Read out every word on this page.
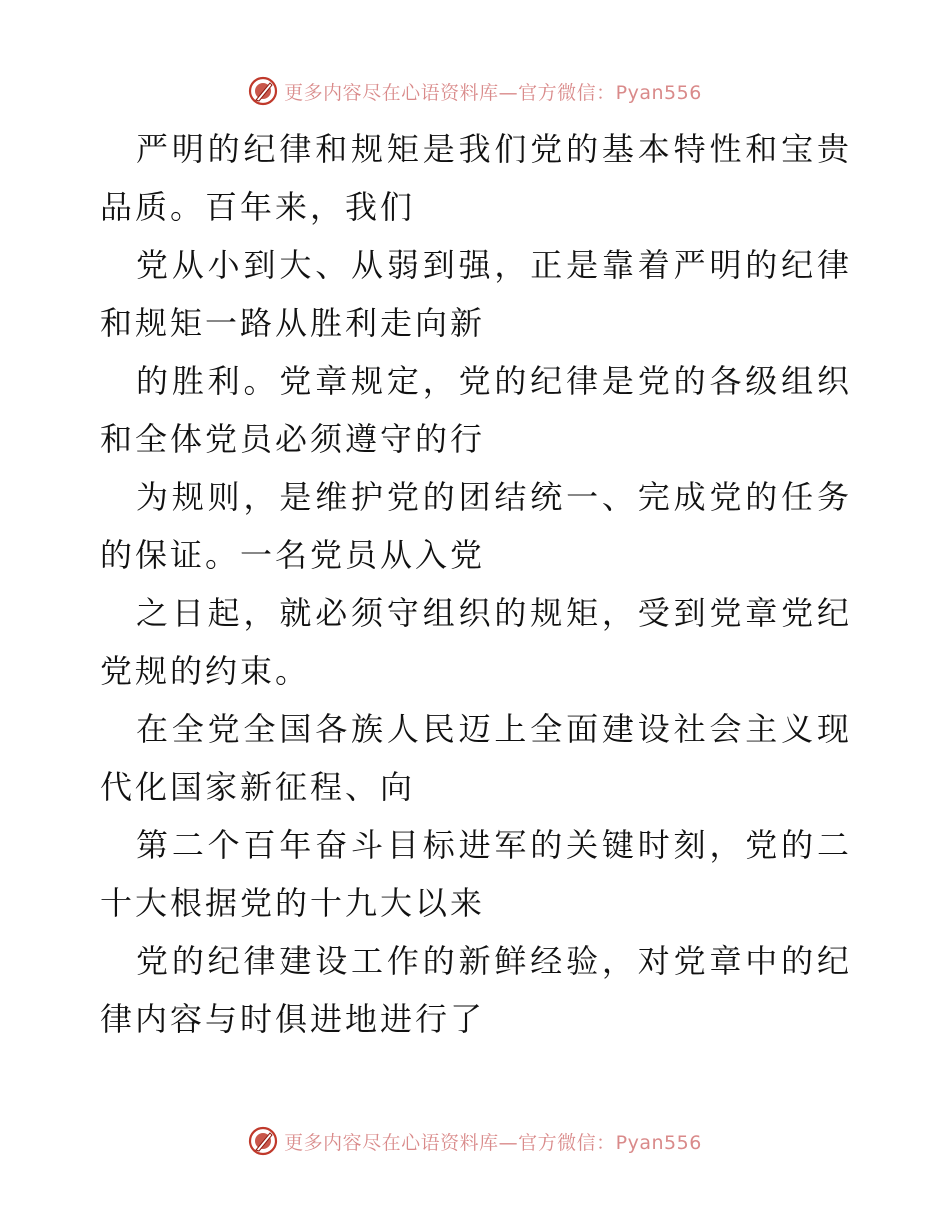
更多内容尽在心语资料库—官方微信：Pyan556

严明的纪律和规矩是我们党的基本特性和宝贵品质。百年来，我们

党从小到大、从弱到强，正是靠着严明的纪律和规矩一路从胜利走向新

的胜利。党章规定，党的纪律是党的各级组织和全体党员必须遵守的行

为规则，是维护党的团结统一、完成党的任务的保证。一名党员从入党

之日起，就必须守组织的规矩，受到党章党纪党规的约束。

在全党全国各族人民迈上全面建设社会主义现代化国家新征程、向

第二个百年奋斗目标进军的关键时刻，党的二十大根据党的十九大以来

党的纪律建设工作的新鲜经验，对党章中的纪律内容与时俱进地进行了

更多内容尽在心语资料库—官方微信：Pyan556
